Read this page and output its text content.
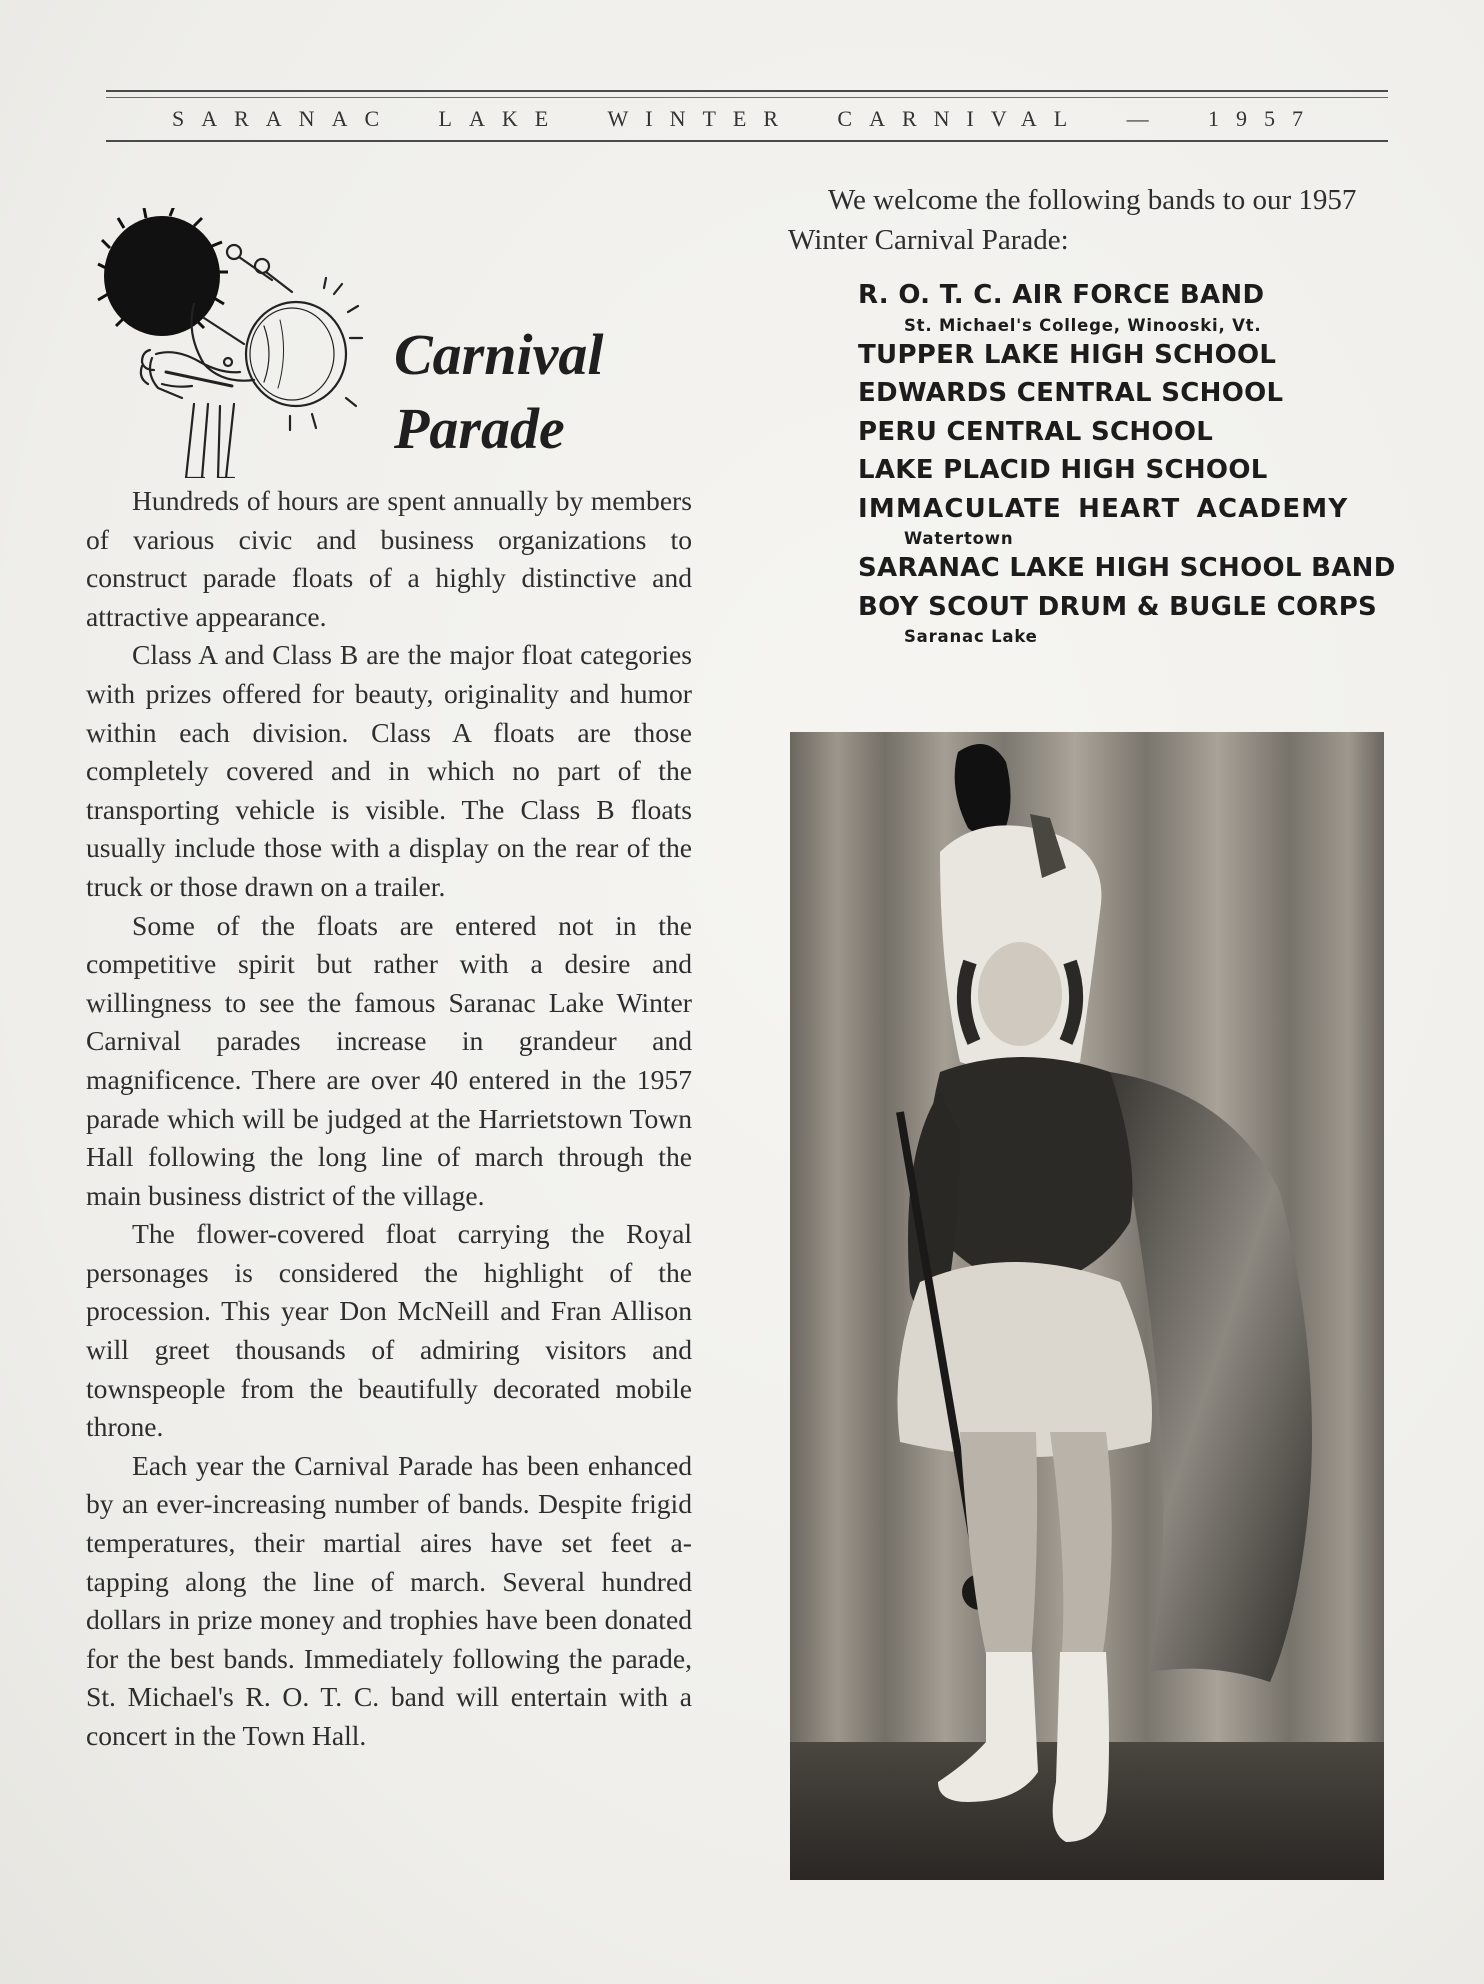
SARANAC LAKE WINTER CARNIVAL — 1957
Carnival
Parade

Hundreds of hours are spent annually by members of various civic and business organizations to construct parade floats of a highly distinctive and attractive appearance.

Class A and Class B are the major float categories with prizes offered for beauty, originality and humor within each division. Class A floats are those completely covered and in which no part of the transporting vehicle is visible. The Class B floats usually include those with a display on the rear of the truck or those drawn on a trailer.

Some of the floats are entered not in the competitive spirit but rather with a desire and willingness to see the famous Saranac Lake Winter Carnival parades increase in grandeur and magnificence. There are over 40 entered in the 1957 parade which will be judged at the Harrietstown Town Hall following the long line of march through the main business district of the village.

The flower-covered float carrying the Royal personages is considered the highlight of the procession. This year Don McNeill and Fran Allison will greet thousands of admiring visitors and townspeople from the beautifully decorated mobile throne.

Each year the Carnival Parade has been enhanced by an ever-increasing number of bands. Despite frigid temperatures, their martial aires have set feet a-tapping along the line of march. Several hundred dollars in prize money and trophies have been donated for the best bands. Immediately following the parade, St. Michael's R. O. T. C. band will entertain with a concert in the Town Hall.

We welcome the following bands to our 1957 Winter Carnival Parade:
R. O. T. C. AIR FORCE BAND
St. Michael's College, Winooski, Vt.
TUPPER LAKE HIGH SCHOOL
EDWARDS CENTRAL SCHOOL
PERU CENTRAL SCHOOL
LAKE PLACID HIGH SCHOOL
IMMACULATE HEART ACADEMY
Watertown
SARANAC LAKE HIGH SCHOOL BAND
BOY SCOUT DRUM & BUGLE CORPS
Saranac Lake
